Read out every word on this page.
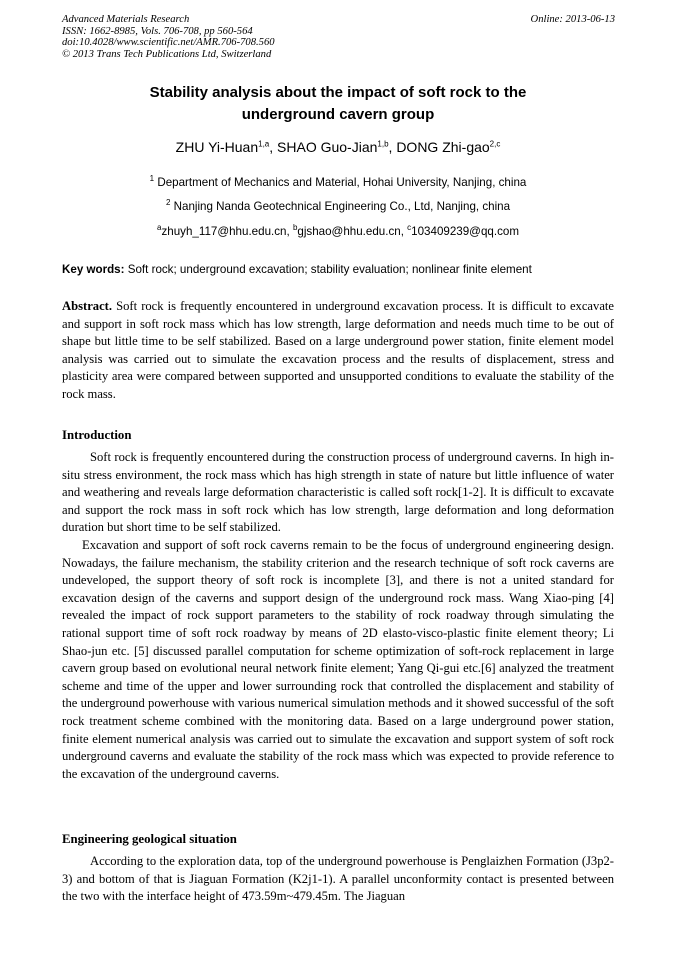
Advanced Materials Research
ISSN: 1662-8985, Vols. 706-708, pp 560-564
doi:10.4028/www.scientific.net/AMR.706-708.560
© 2013 Trans Tech Publications Ltd, Switzerland
Online: 2013-06-13
Stability analysis about the impact of soft rock to the
underground cavern group
ZHU Yi-Huan$^{1,a}$, SHAO Guo-Jian$^{1,b}$, DONG Zhi-gao$^{2,c}$
$^1$ Department of Mechanics and Material, Hohai University, Nanjing, china
$^2$ Nanjing Nanda Geotechnical Engineering Co., Ltd, Nanjing, china
$^a$zhuyh_117@hhu.edu.cn, $^b$gjshao@hhu.edu.cn, $^c$103409239@qq.com
Key words: Soft rock; underground excavation; stability evaluation; nonlinear finite element

Abstract. Soft rock is frequently encountered in underground excavation process. It is difficult to excavate and support in soft rock mass which has low strength, large deformation and needs much time to be out of shape but little time to be self stabilized. Based on a large underground power station, finite element model analysis was carried out to simulate the excavation process and the results of displacement, stress and plasticity area were compared between supported and unsupported conditions to evaluate the stability of the rock mass.

Introduction

Soft rock is frequently encountered during the construction process of underground caverns. In high in-situ stress environment, the rock mass which has high strength in state of nature but little influence of water and weathering and reveals large deformation characteristic is called soft rock[1-2]. It is difficult to excavate and support the rock mass in soft rock which has low strength, large deformation and long deformation duration but short time to be self stabilized.

Excavation and support of soft rock caverns remain to be the focus of underground engineering design. Nowadays, the failure mechanism, the stability criterion and the research technique of soft rock caverns are undeveloped, the support theory of soft rock is incomplete [3], and there is not a united standard for excavation design of the caverns and support design of the underground rock mass. Wang Xiao-ping [4] revealed the impact of rock support parameters to the stability of rock roadway through simulating the rational support time of soft rock roadway by means of 2D elasto-visco-plastic finite element theory; Li Shao-jun etc. [5] discussed parallel computation for scheme optimization of soft-rock replacement in large cavern group based on evolutional neural network finite element; Yang Qi-gui etc.[6] analyzed the treatment scheme and time of the upper and lower surrounding rock that controlled the displacement and stability of the underground powerhouse with various numerical simulation methods and it showed successful of the soft rock treatment scheme combined with the monitoring data. Based on a large underground power station, finite element numerical analysis was carried out to simulate the excavation and support system of soft rock underground caverns and evaluate the stability of the rock mass which was expected to provide reference to the excavation of the underground caverns.

Engineering geological situation

According to the exploration data, top of the underground powerhouse is Penglaizhen Formation (J3p2-3) and bottom of that is Jiaguan Formation (K2j1-1). A parallel unconformity contact is presented between the two with the interface height of 473.59m~479.45m. The Jiaguan
